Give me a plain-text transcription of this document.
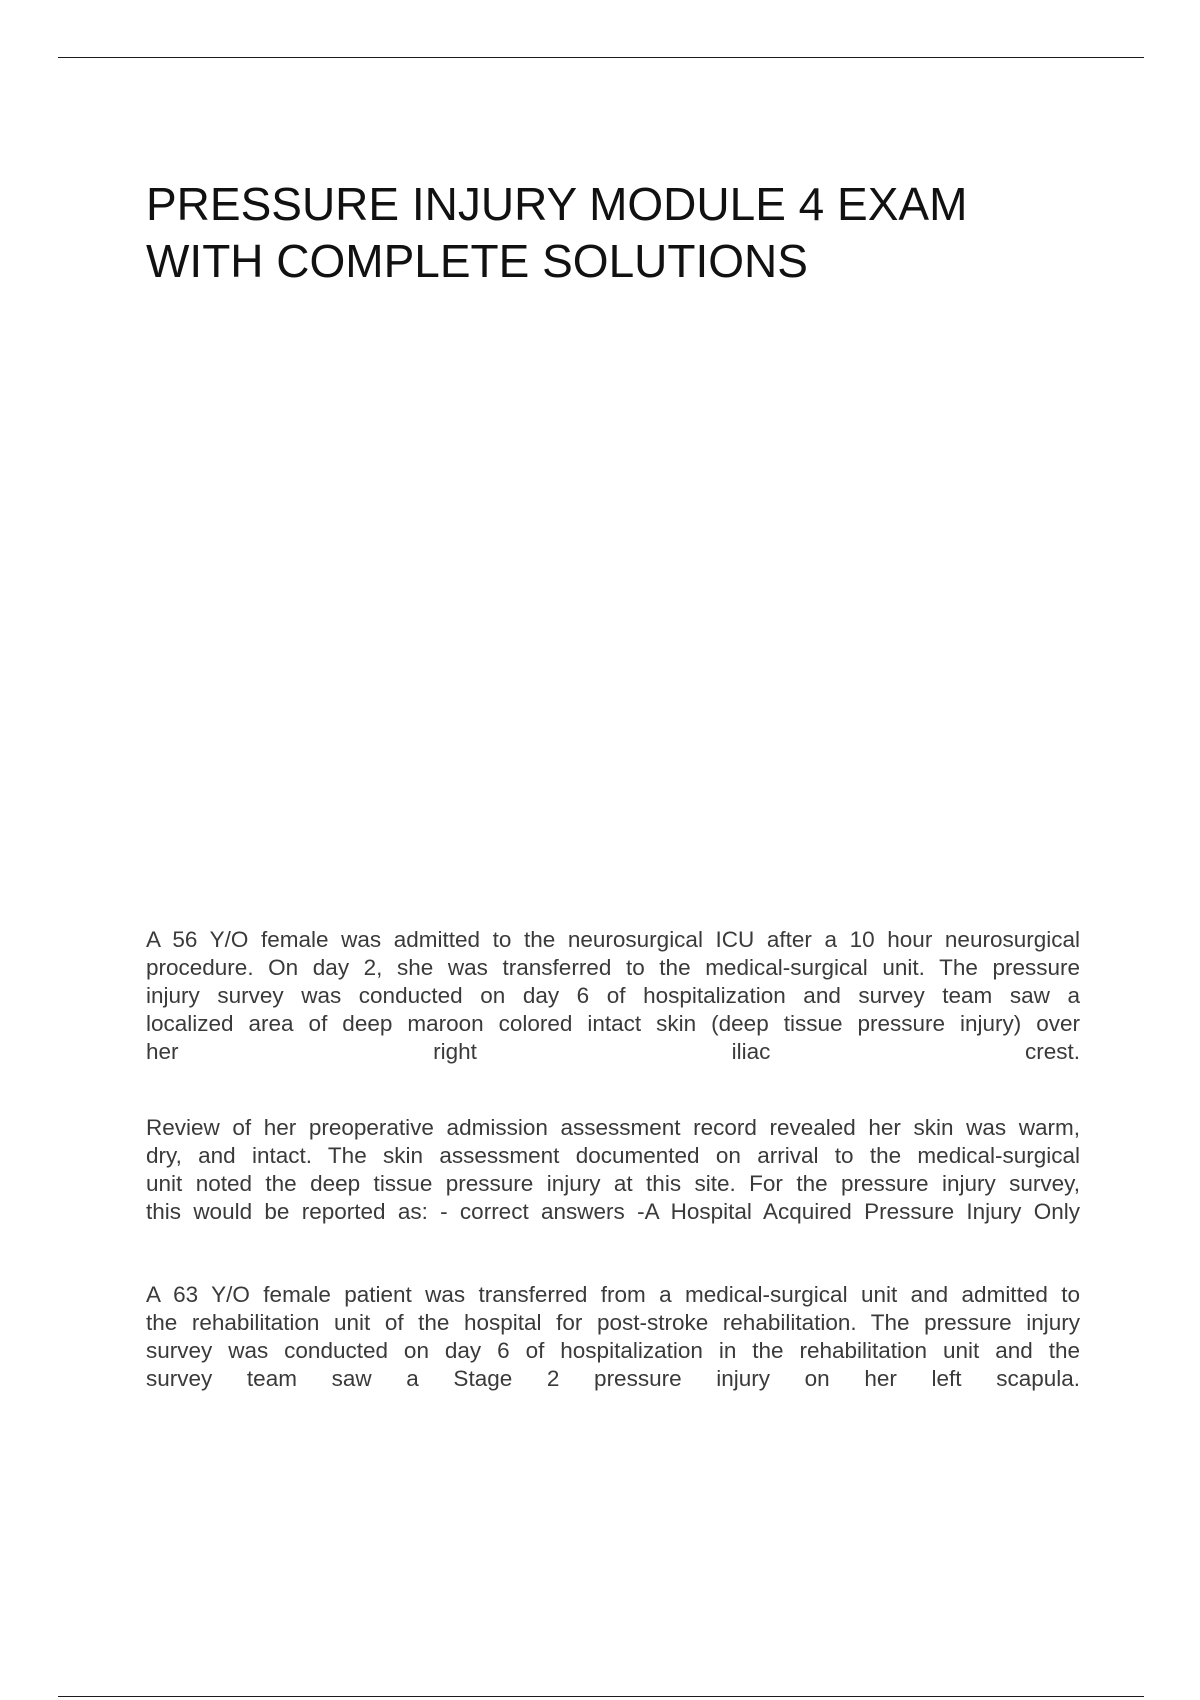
PRESSURE INJURY MODULE 4 EXAM
WITH COMPLETE SOLUTIONS

A 56 Y/O female was admitted to the neurosurgical ICU after a 10 hour neurosurgical procedure. On day 2, she was transferred to the medical-surgical unit. The pressure injury survey was conducted on day 6 of hospitalization and survey team saw a localized area of deep maroon colored intact skin (deep tissue pressure injury) over her right iliac crest.

Review of her preoperative admission assessment record revealed her skin was warm, dry, and intact. The skin assessment documented on arrival to the medical-surgical unit noted the deep tissue pressure injury at this site. For the pressure injury survey, this would be reported as: - correct answers -A Hospital Acquired Pressure Injury Only

A 63 Y/O female patient was transferred from a medical-surgical unit and admitted to the rehabilitation unit of the hospital for post-stroke rehabilitation. The pressure injury survey was conducted on day 6 of hospitalization in the rehabilitation unit and the survey team saw a Stage 2 pressure injury on her left scapula.
